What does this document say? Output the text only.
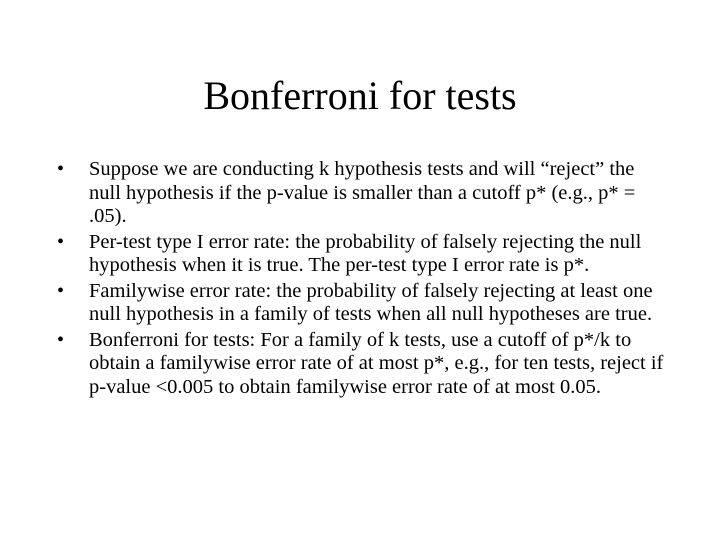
Bonferroni for tests
•	Suppose we are conducting k hypothesis tests and will “reject” the null hypothesis if the p-value is smaller than a cutoff p* (e.g., p* = .05).
•	Per-test type I error rate: the probability of falsely rejecting the null hypothesis when it is true. The per-test type I error rate is p*.
•	Familywise error rate: the probability of falsely rejecting at least one null hypothesis in a family of tests when all null hypotheses are true.
•	Bonferroni for tests: For a family of k tests, use a cutoff of p*/k to obtain a familywise error rate of at most p*, e.g., for ten tests, reject if p-value <0.005 to obtain familywise error rate of at most 0.05.
